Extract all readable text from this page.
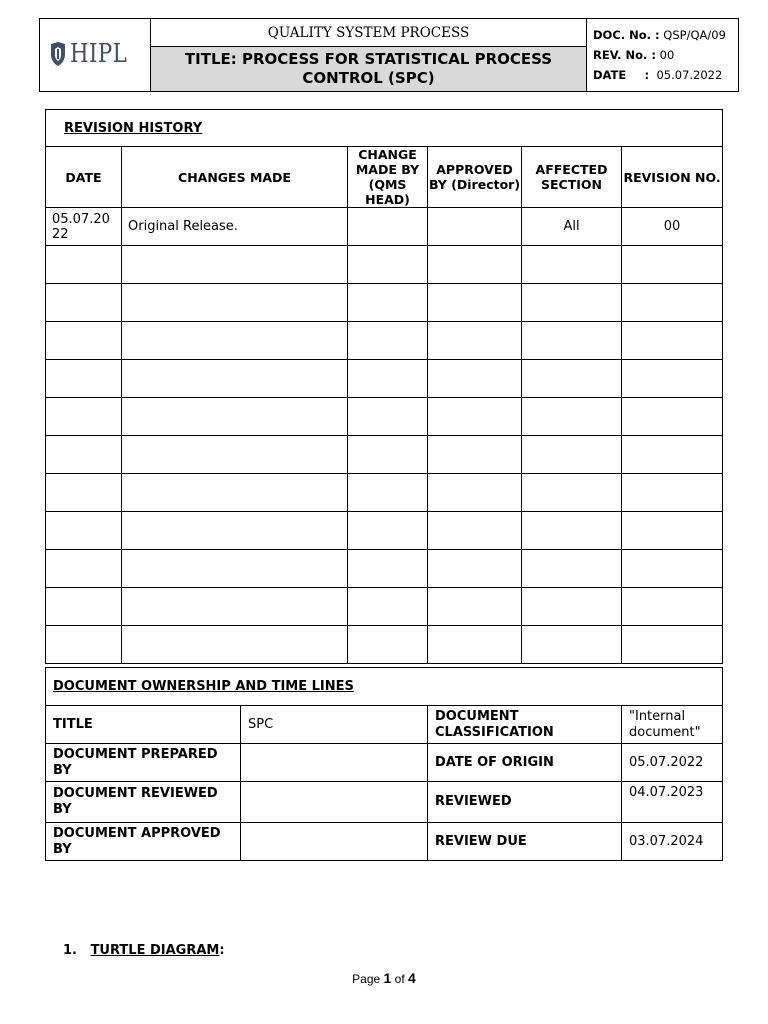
HIPL
	QUALITY SYSTEM PROCESS	DOC. No. : QSP/QA/09
REV. No. : 00
DATE : 05.07.2022

TITLE: PROCESS FOR STATISTICAL PROCESS
CONTROL (SPC)
REVISION HISTORY					
DATE	CHANGES MADE	CHANGE MADE BY (QMS HEAD)	APPROVED BY (Director)	AFFECTED SECTION	REVISION NO.
05.07.20 22	Original Release.			All	00

DOCUMENT OWNERSHIP AND TIME LINES			
TITLE	SPC	DOCUMENT CLASSIFICATION	"Internal document"
DOCUMENT PREPARED BY		DATE OF ORIGIN	05.07.2022
DOCUMENT REVIEWED BY		REVIEWED	04.07.2023
DOCUMENT APPROVED BY		REVIEW DUE	03.07.2024
1. TURTLE DIAGRAM:
Page 1 of 4
